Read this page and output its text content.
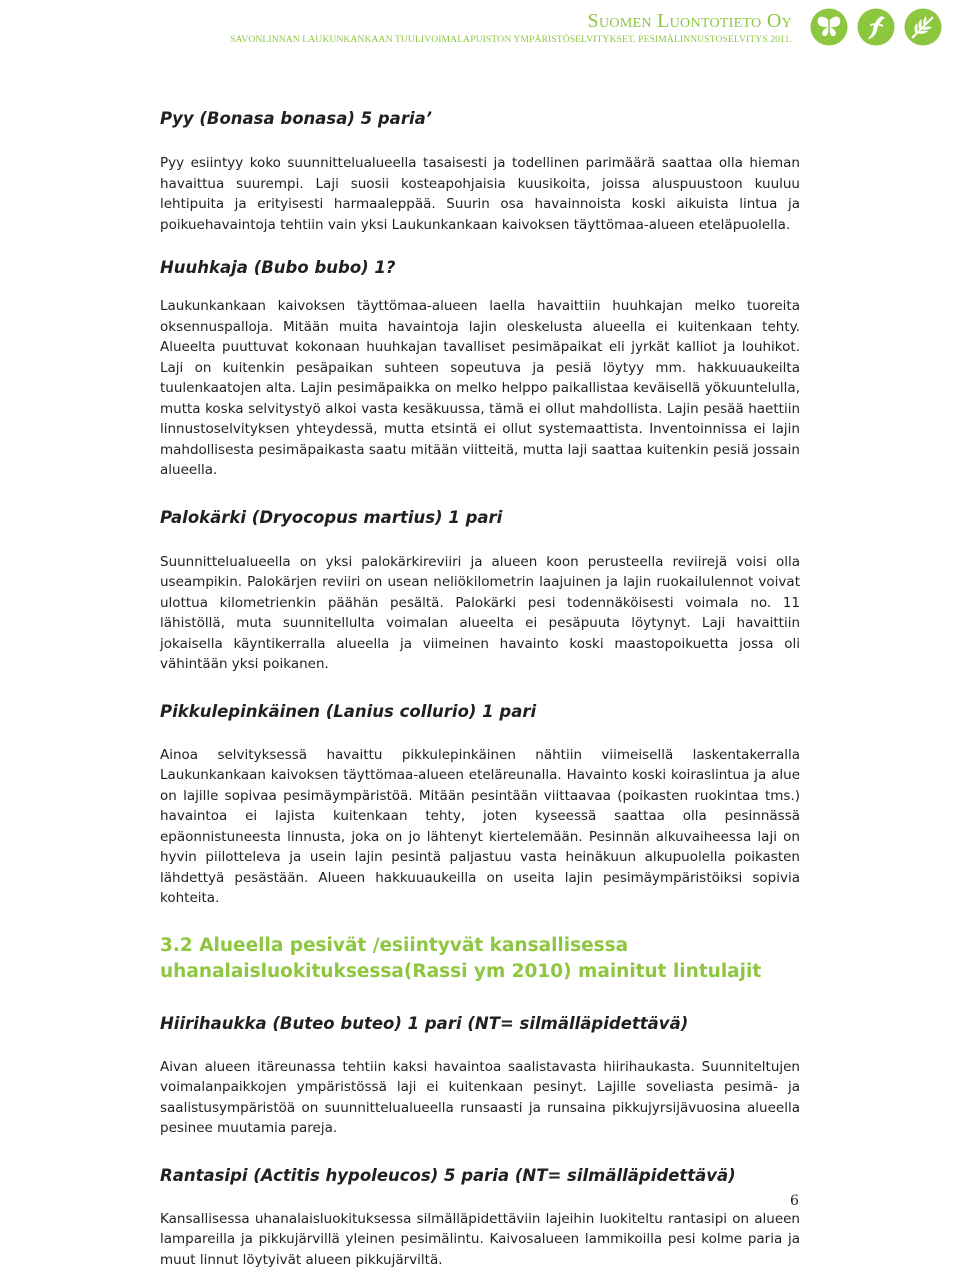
Suomen Luontotieto Oy
SAVONLINNAN LAUKUNKANKAAN TUULIVOIMALAPUISTON YMPÄRISTÖSELVITYKSET. PESIMÄLINNUSTOSELVITYS 2011.
Pyy (Bonasa bonasa) 5 paria’

Pyy esiintyy koko suunnittelualueella tasaisesti ja todellinen parimäärä saattaa olla hieman havaittua suurempi. Laji suosii kosteapohjaisia kuusikoita, joissa aluspuustoon kuuluu lehtipuita ja erityisesti harmaaleppää. Suurin osa havainnoista koski aikuista lintua ja poikuehavaintoja tehtiin vain yksi Laukunkankaan kaivoksen täyttömaa-alueen eteläpuolella.

Huuhkaja (Bubo bubo) 1?

Laukunkankaan kaivoksen täyttömaa-alueen laella havaittiin huuhkajan melko tuoreita oksennuspalloja. Mitään muita havaintoja lajin oleskelusta alueella ei kuitenkaan tehty. Alueelta puuttuvat kokonaan huuhkajan tavalliset pesimäpaikat eli jyrkät kalliot ja louhikot. Laji on kuitenkin pesäpaikan suhteen sopeutuva ja pesiä löytyy mm. hakkuuaukeilta tuulenkaatojen alta. Lajin pesimäpaikka on melko helppo paikallistaa keväisellä yökuuntelulla, mutta koska selvitystyö alkoi vasta kesäkuussa, tämä ei ollut mahdollista. Lajin pesää haettiin linnustoselvityksen yhteydessä, mutta etsintä ei ollut systemaattista. Inventoinnissa ei lajin mahdollisesta pesimäpaikasta saatu mitään viitteitä, mutta laji saattaa kuitenkin pesiä jossain alueella.

Palokärki (Dryocopus martius) 1 pari

Suunnittelualueella on yksi palokärkireviiri ja alueen koon perusteella reviirejä voisi olla useampikin. Palokärjen reviiri on usean neliökilometrin laajuinen ja lajin ruokailulennot voivat ulottua kilometrienkin päähän pesältä. Palokärki pesi todennäköisesti voimala no. 11 lähistöllä, muta suunnitellulta voimalan alueelta ei pesäpuuta löytynyt. Laji havaittiin jokaisella käyntikerralla alueella ja viimeinen havainto koski maastopoikuetta jossa oli vähintään yksi poikanen.

Pikkulepinkäinen (Lanius collurio) 1 pari

Ainoa selvityksessä havaittu pikkulepinkäinen nähtiin viimeisellä laskentakerralla Laukunkankaan kaivoksen täyttömaa-alueen eteläreunalla. Havainto koski koiraslintua ja alue on lajille sopivaa pesimäympäristöä. Mitään pesintään viittaavaa (poikasten ruokintaa tms.) havaintoa ei lajista kuitenkaan tehty, joten kyseessä saattaa olla pesinnässä epäonnistuneesta linnusta, joka on jo lähtenyt kiertelemään. Pesinnän alkuvaiheessa laji on hyvin piilotteleva ja usein lajin pesintä paljastuu vasta heinäkuun alkupuolella poikasten lähdettyä pesästään. Alueen hakkuuaukeilla on useita lajin pesimäympäristöiksi sopivia kohteita.

3.2 Alueella pesivät /esiintyvät kansallisessa
uhanalaisluokituksessa(Rassi ym 2010) mainitut lintulajit
Hiirihaukka (Buteo buteo) 1 pari (NT= silmälläpidettävä)

Aivan alueen itäreunassa tehtiin kaksi havaintoa saalistavasta hiirihaukasta. Suunniteltujen voimalanpaikkojen ympäristössä laji ei kuitenkaan pesinyt. Lajille soveliasta pesimä- ja saalistusympäristöä on suunnittelualueella runsaasti ja runsaina pikkujyrsijävuosina alueella pesinee muutamia pareja.

Rantasipi (Actitis hypoleucos) 5 paria (NT= silmälläpidettävä)

Kansallisessa uhanalaisluokituksessa silmälläpidettäviin lajeihin luokiteltu rantasipi on alueen lampareilla ja pikkujärvillä yleinen pesimälintu. Kaivosalueen lammikoilla pesi kolme paria ja muut linnut löytyivät alueen pikkujärviltä.

6
